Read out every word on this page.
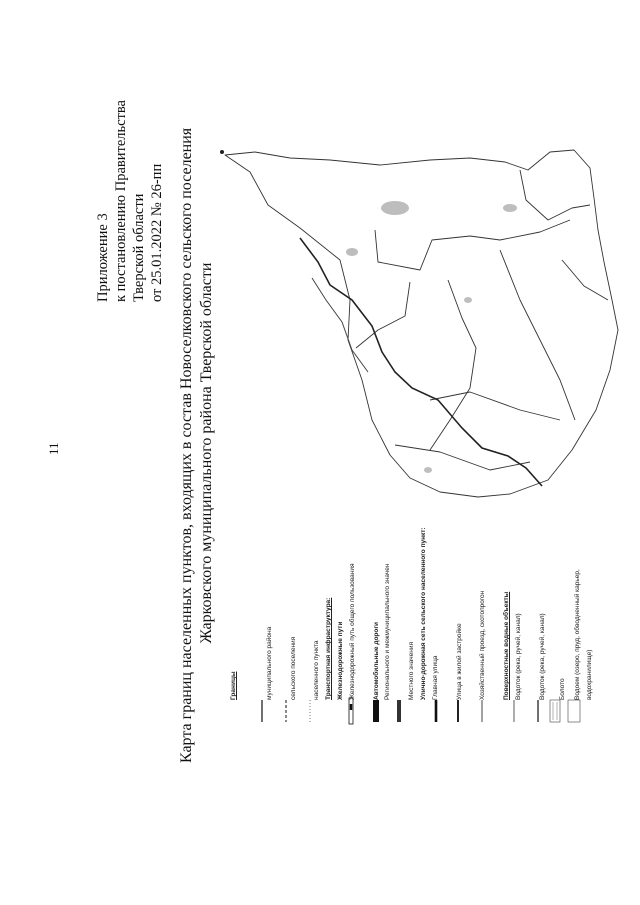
11
Приложение 3 к постановлению Правительства Тверской области от 25.01.2022 № 26-пп Карта границ населенных пунктов, входящих в состав Новоселковского сельского поселения Жарковского муниципального района Тверской области
Границы	муниципального района	сельского поселения	населенного пункта Транспортная инфраструктура: Железнодорожные пути Железнодорожный путь общего пользования	Автомобильные дороги Регионального и межмуниципального значен	Местного значения Улично-дорожная сеть сельского населенного пункт: Главная улица	Улица в жилой застройке	Хозяйственный проезд, скотопрогон	Поверхностные водные объекты Водоток (река, ручей, канал)	Водоток (река, ручей, канал)	Болото	Водоем (озеро, пруд, обводненный карьер, водохранилище)
